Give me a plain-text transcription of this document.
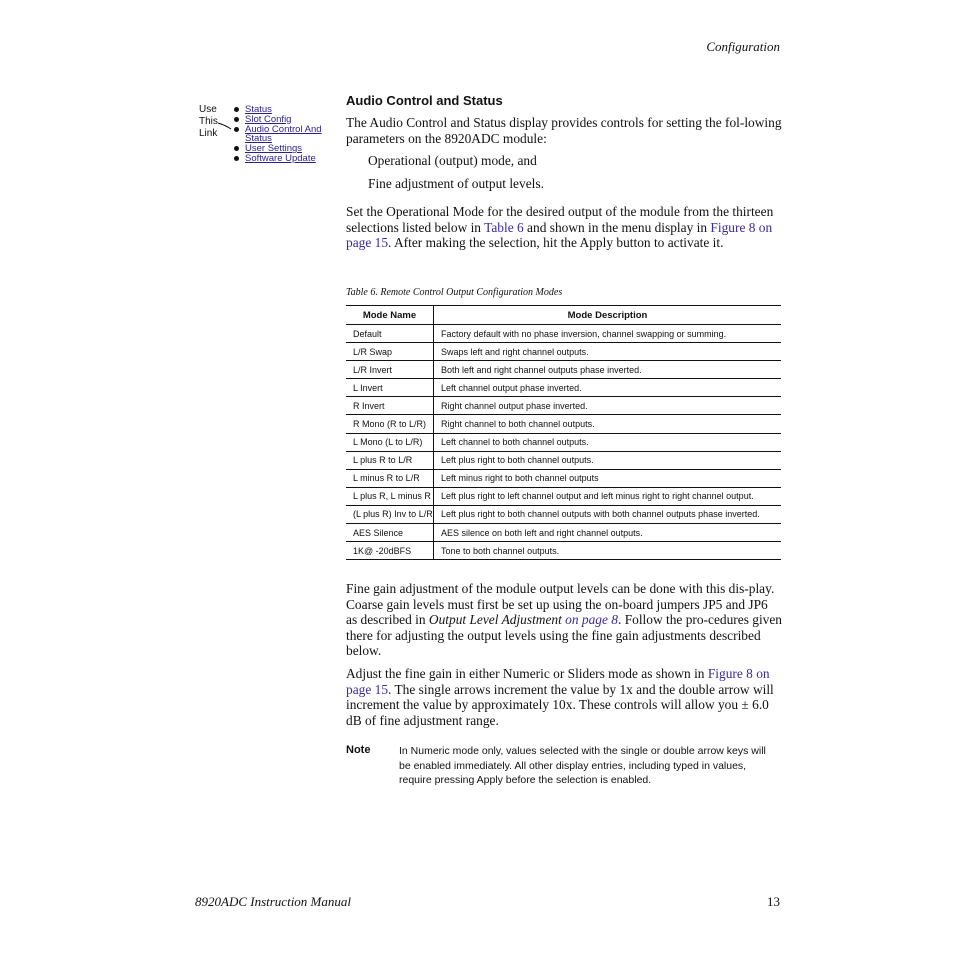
Configuration
Use
This
Link
Status
Slot Config
Audio Control And
Status
User Settings
Software Update
Audio Control and Status

The Audio Control and Status display provides controls for setting the fol-lowing parameters on the 8920ADC module:

Operational (output) mode, and

Fine adjustment of output levels.

Set the Operational Mode for the desired output of the module from the thirteen selections listed below in Table 6 and shown in the menu display in Figure 8 on page 15. After making the selection, hit the Apply button to activate it.

Table 6. Remote Control Output Configuration Modes

Mode Name	Mode Description
Default	Factory default with no phase inversion, channel swapping or summing.
L/R Swap	Swaps left and right channel outputs.
L/R Invert	Both left and right channel outputs phase inverted.
L Invert	Left channel output phase inverted.
R Invert	Right channel output phase inverted.
R Mono (R to L/R)	Right channel to both channel outputs.
L Mono (L to L/R)	Left channel to both channel outputs.
L plus R to L/R	Left plus right to both channel outputs.
L minus R to L/R	Left minus right to both channel outputs
L plus R, L minus R	Left plus right to left channel output and left minus right to right channel output.
(L plus R) Inv to L/R	Left plus right to both channel outputs with both channel outputs phase inverted.
AES Silence	AES silence on both left and right channel outputs.
1K@ -20dBFS	Tone to both channel outputs.

Fine gain adjustment of the module output levels can be done with this dis-play. Coarse gain levels must first be set up using the on-board jumpers JP5 and JP6 as described in Output Level Adjustment on page 8. Follow the pro-cedures given there for adjusting the output levels using the fine gain adjustments described below.

Adjust the fine gain in either Numeric or Sliders mode as shown in Figure 8 on page 15. The single arrows increment the value by 1x and the double arrow will increment the value by approximately 10x. These controls will allow you ± 6.0 dB of fine adjustment range.

Note	In Numeric mode only, values selected with the single or double arrow keys will be enabled immediately. All other display entries, including typed in values, require pressing Apply before the selection is enabled.

8920ADC Instruction Manual	13
